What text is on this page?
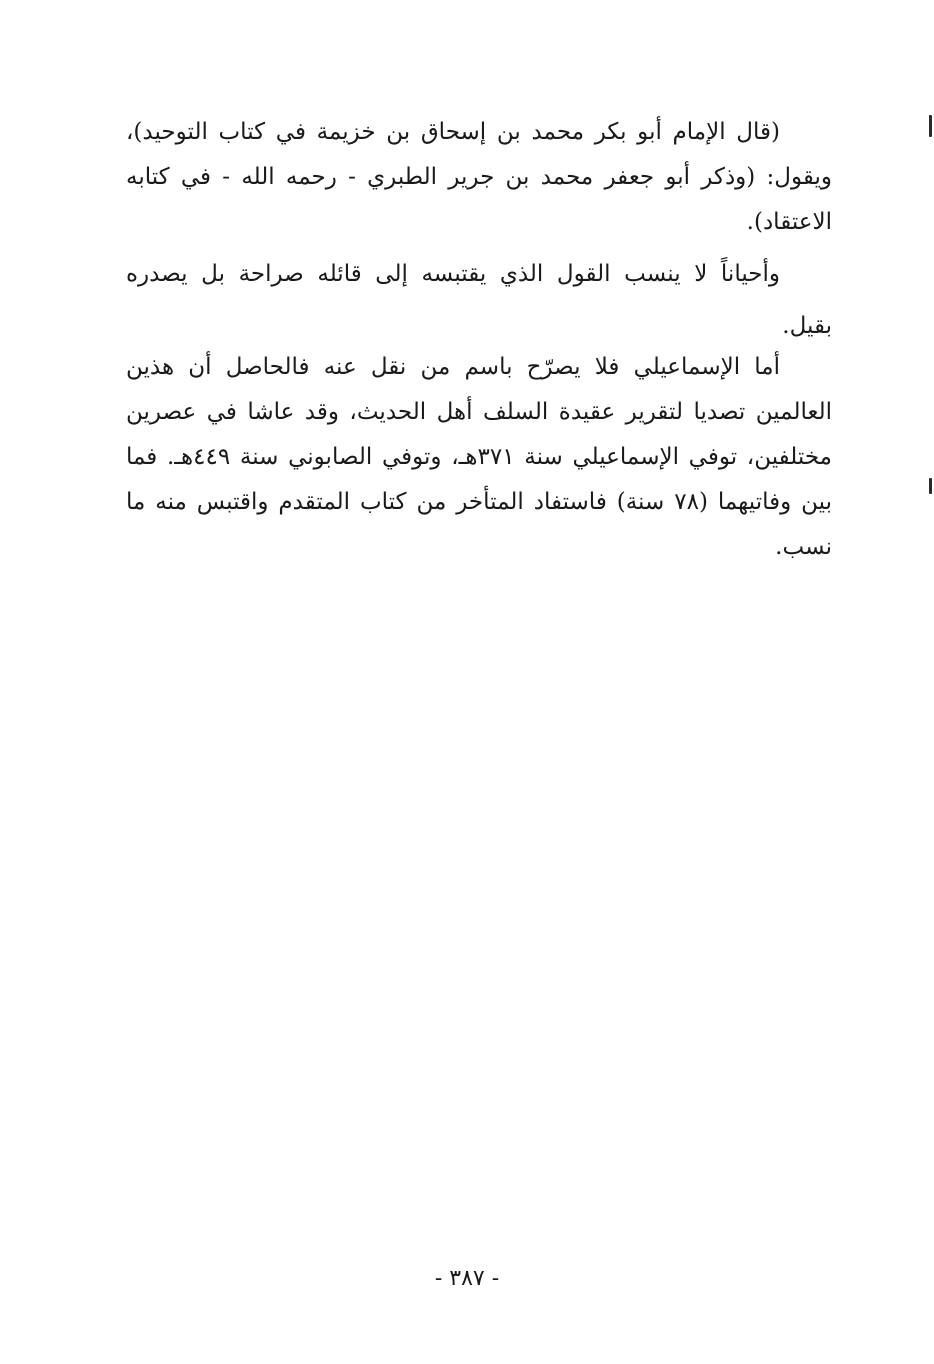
(قال الإمام أبو بكر محمد بن إسحاق بن خزيمة في كتاب التوحيد)،
ويقول: (وذكر أبو جعفر محمد بن جرير الطبري - رحمه الله - في كتابه
الاعتقاد).
وأحياناً لا ينسب القول الذي يقتبسه إلى قائله صراحة بل يصدره
بقيل.
أما الإسماعيلي فلا يصرّح باسم من نقل عنه فالحاصل أن هذين
العالمين تصديا لتقرير عقيدة السلف أهل الحديث، وقد عاشا في عصرين
مختلفين، توفي الإسماعيلي سنة ٣٧١هـ، وتوفي الصابوني سنة ٤٤٩هـ. فما
بين وفاتيهما (٧٨ سنة) فاستفاد المتأخر من كتاب المتقدم واقتبس منه ما
نسب.
- ٣٨٧ -
